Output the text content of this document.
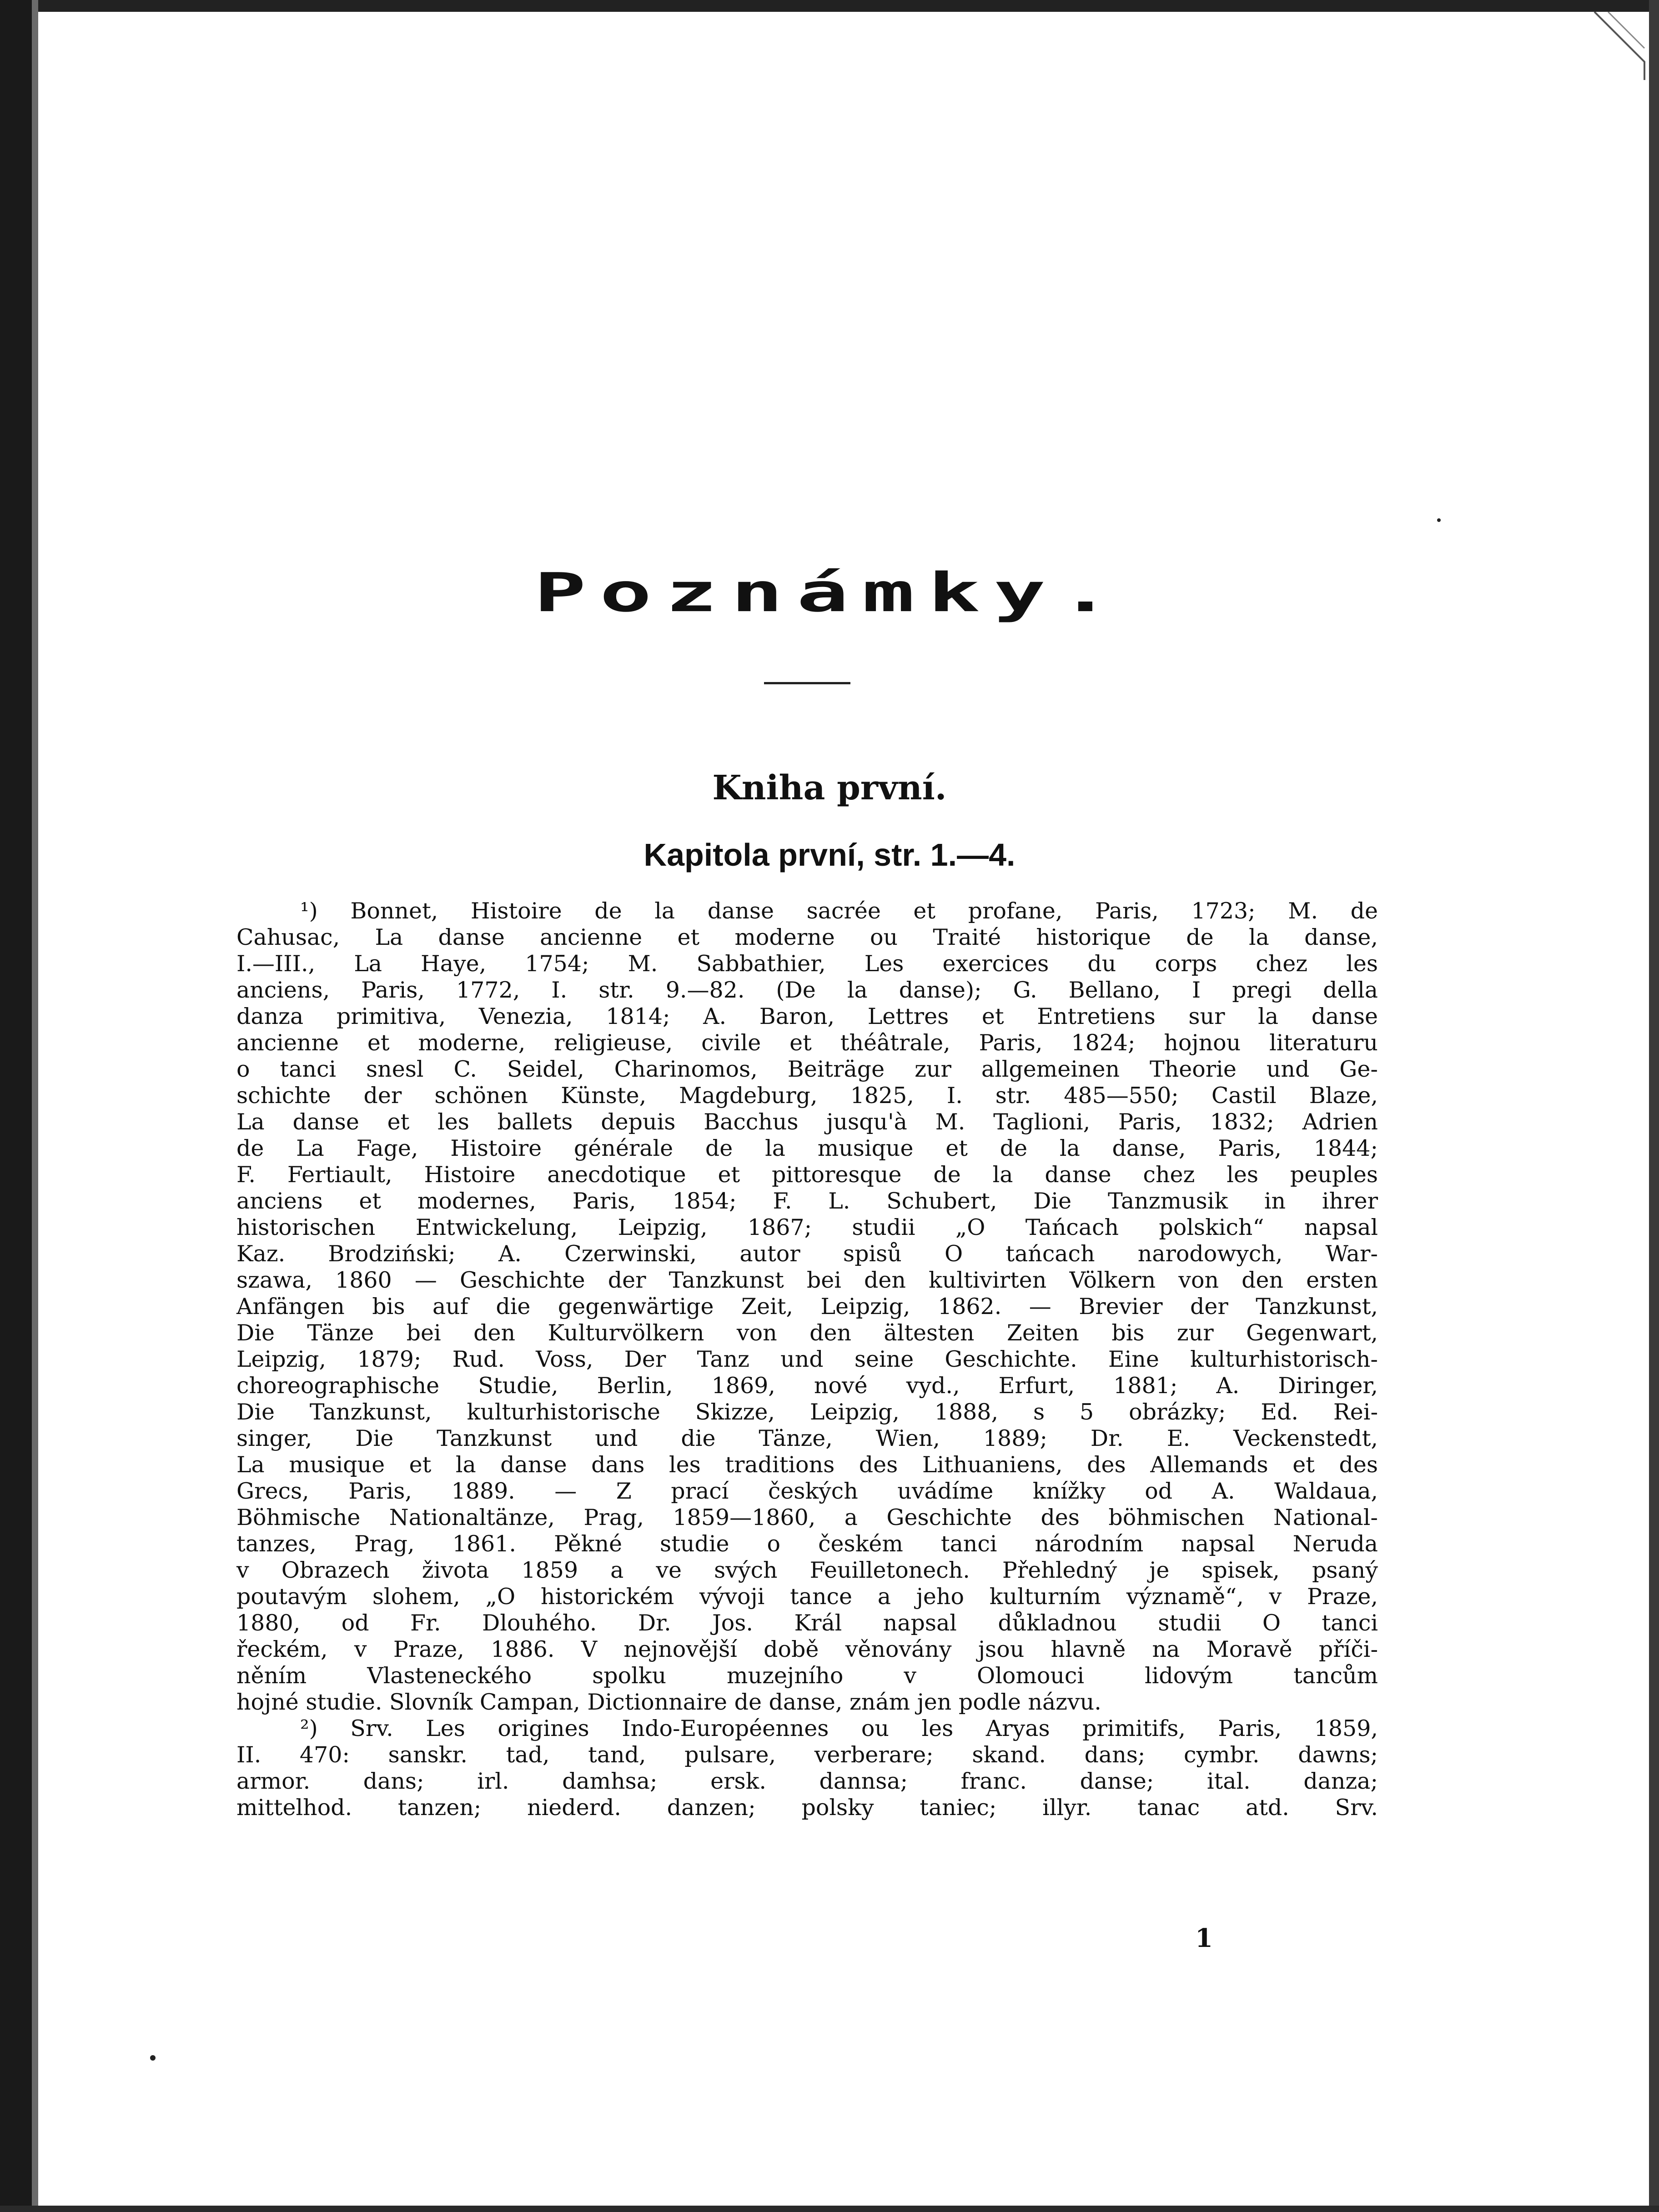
Poznámky.
Kniha první.
Kapitola první, str. 1.—4.
¹) Bonnet, Histoire de la danse sacrée et profane, Paris, 1723; M. de
Cahusac, La danse ancienne et moderne ou Traité historique de la danse,
I.—III., La Haye, 1754; M. Sabbathier, Les exercices du corps chez les
anciens, Paris, 1772, I. str. 9.—82. (De la danse); G. Bellano, I pregi della
danza primitiva, Venezia, 1814; A. Baron, Lettres et Entretiens sur la danse
ancienne et moderne, religieuse, civile et théâtrale, Paris, 1824; hojnou literaturu
o tanci snesl C. Seidel, Charinomos, Beiträge zur allgemeinen Theorie und Ge-
schichte der schönen Künste, Magdeburg, 1825, I. str. 485—550; Castil Blaze,
La danse et les ballets depuis Bacchus jusqu'à M. Taglioni, Paris, 1832; Adrien
de La Fage, Histoire générale de la musique et de la danse, Paris, 1844;
F. Fertiault, Histoire anecdotique et pittoresque de la danse chez les peuples
anciens et modernes, Paris, 1854; F. L. Schubert, Die Tanzmusik in ihrer
historischen Entwickelung, Leipzig, 1867; studii „O Tańcach polskich“ napsal
Kaz. Brodziński; A. Czerwinski, autor spisů O tańcach narodowych, War-
szawa, 1860 — Geschichte der Tanzkunst bei den kultivirten Völkern von den ersten
Anfängen bis auf die gegenwärtige Zeit, Leipzig, 1862. — Brevier der Tanzkunst,
Die Tänze bei den Kulturvölkern von den ältesten Zeiten bis zur Gegenwart,
Leipzig, 1879; Rud. Voss, Der Tanz und seine Geschichte. Eine kulturhistorisch-
choreographische Studie, Berlin, 1869, nové vyd., Erfurt, 1881; A. Diringer,
Die Tanzkunst, kulturhistorische Skizze, Leipzig, 1888, s 5 obrázky; Ed. Rei-
singer, Die Tanzkunst und die Tänze, Wien, 1889; Dr. E. Veckenstedt,
La musique et la danse dans les traditions des Lithuaniens, des Allemands et des
Grecs, Paris, 1889. — Z prací českých uvádíme knížky od A. Waldaua,
Böhmische Nationaltänze, Prag, 1859—1860, a Geschichte des böhmischen National-
tanzes, Prag, 1861. Pěkné studie o českém tanci národním napsal Neruda
v Obrazech života 1859 a ve svých Feuilletonech. Přehledný je spisek, psaný
poutavým slohem, „O historickém vývoji tance a jeho kulturním významě“, v Praze,
1880, od Fr. Dlouhého. Dr. Jos. Král napsal důkladnou studii O tanci
řeckém, v Praze, 1886. V nejnovější době věnovány jsou hlavně na Moravě příči-
něním Vlasteneckého spolku muzejního v Olomouci lidovým tancům
hojné studie. Slovník Campan, Dictionnaire de danse, znám jen podle názvu.
²) Srv. Les origines Indo-Européennes ou les Aryas primitifs, Paris, 1859,
II. 470: sanskr. tad, tand, pulsare, verberare; skand. dans; cymbr. dawns;
armor. dans; irl. damhsa; ersk. dannsa; franc. danse; ital. danza;
mittelhod. tanzen; niederd. danzen; polsky taniec; illyr. tanac atd. Srv.
1
